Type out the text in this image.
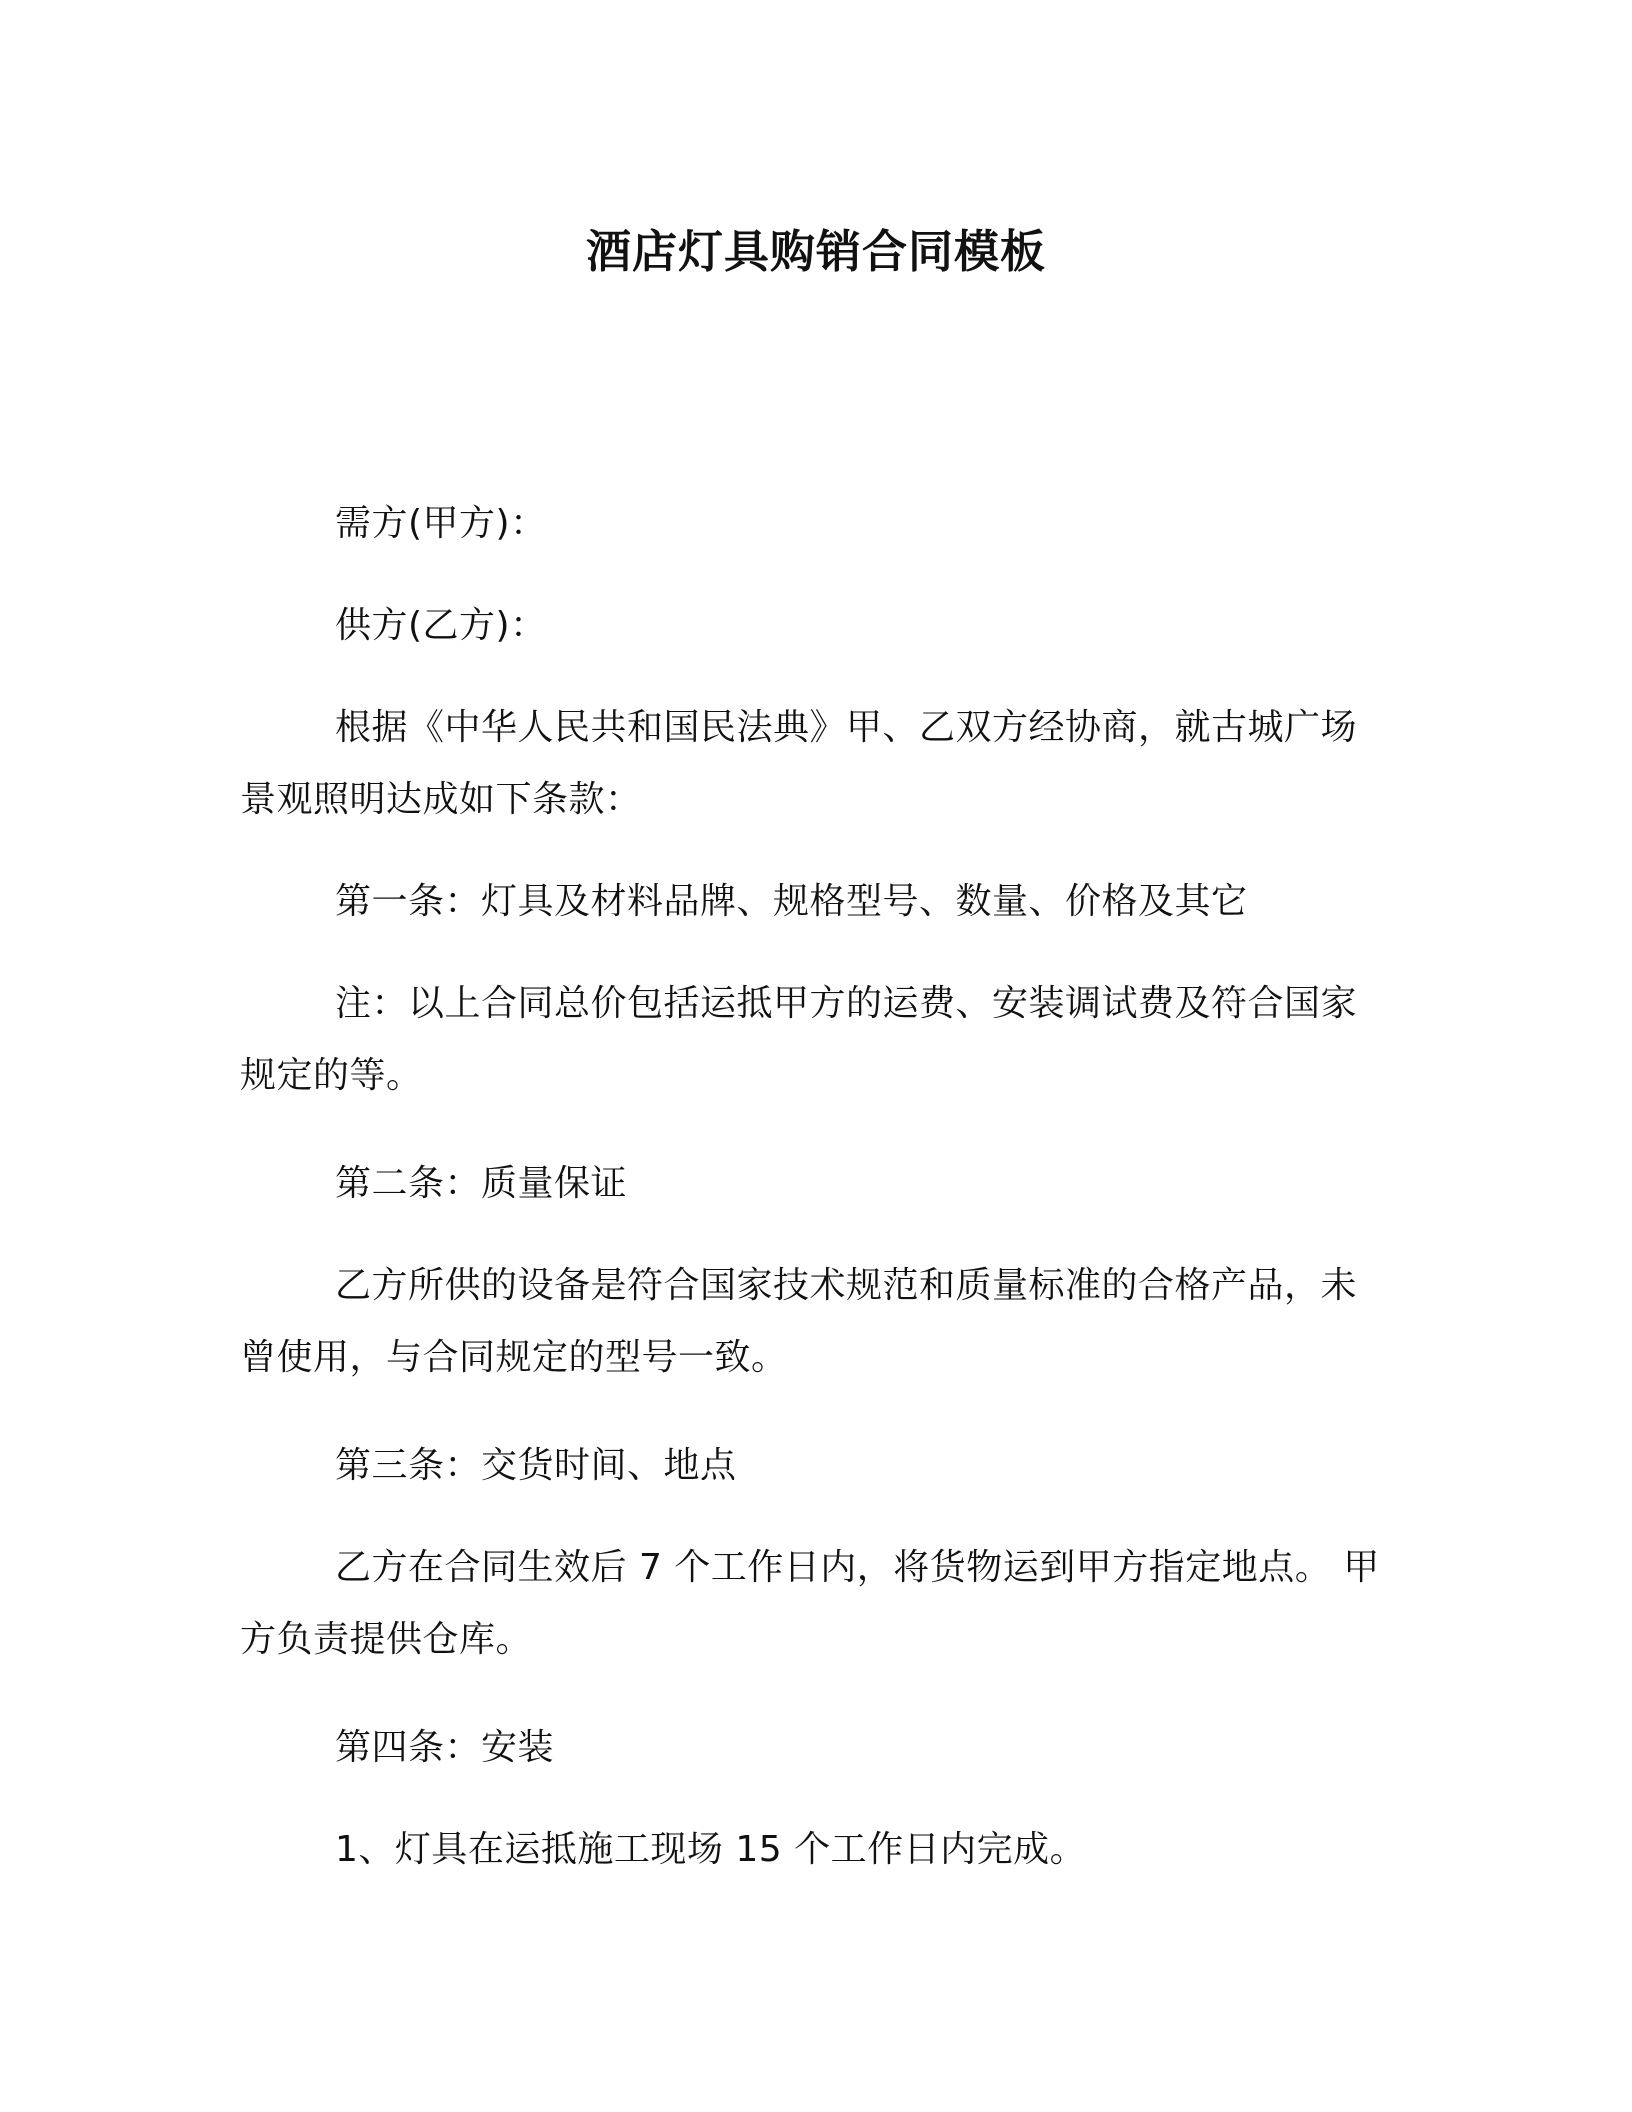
酒店灯具购销合同模板

需方(甲方)：

供方(乙方)：

根据《中华人民共和国民法典》甲、乙双方经协商，就古城广场景观照明达成如下条款：

第一条：灯具及材料品牌、规格型号、数量、价格及其它

注：以上合同总价包括运抵甲方的运费、安装调试费及符合国家规定的等。

第二条：质量保证

乙方所供的设备是符合国家技术规范和质量标准的合格产品，未曾使用，与合同规定的型号一致。

第三条：交货时间、地点

乙方在合同生效后 7 个工作日内，将货物运到甲方指定地点。 甲方负责提供仓库。

第四条：安装

1、灯具在运抵施工现场 15 个工作日内完成。
